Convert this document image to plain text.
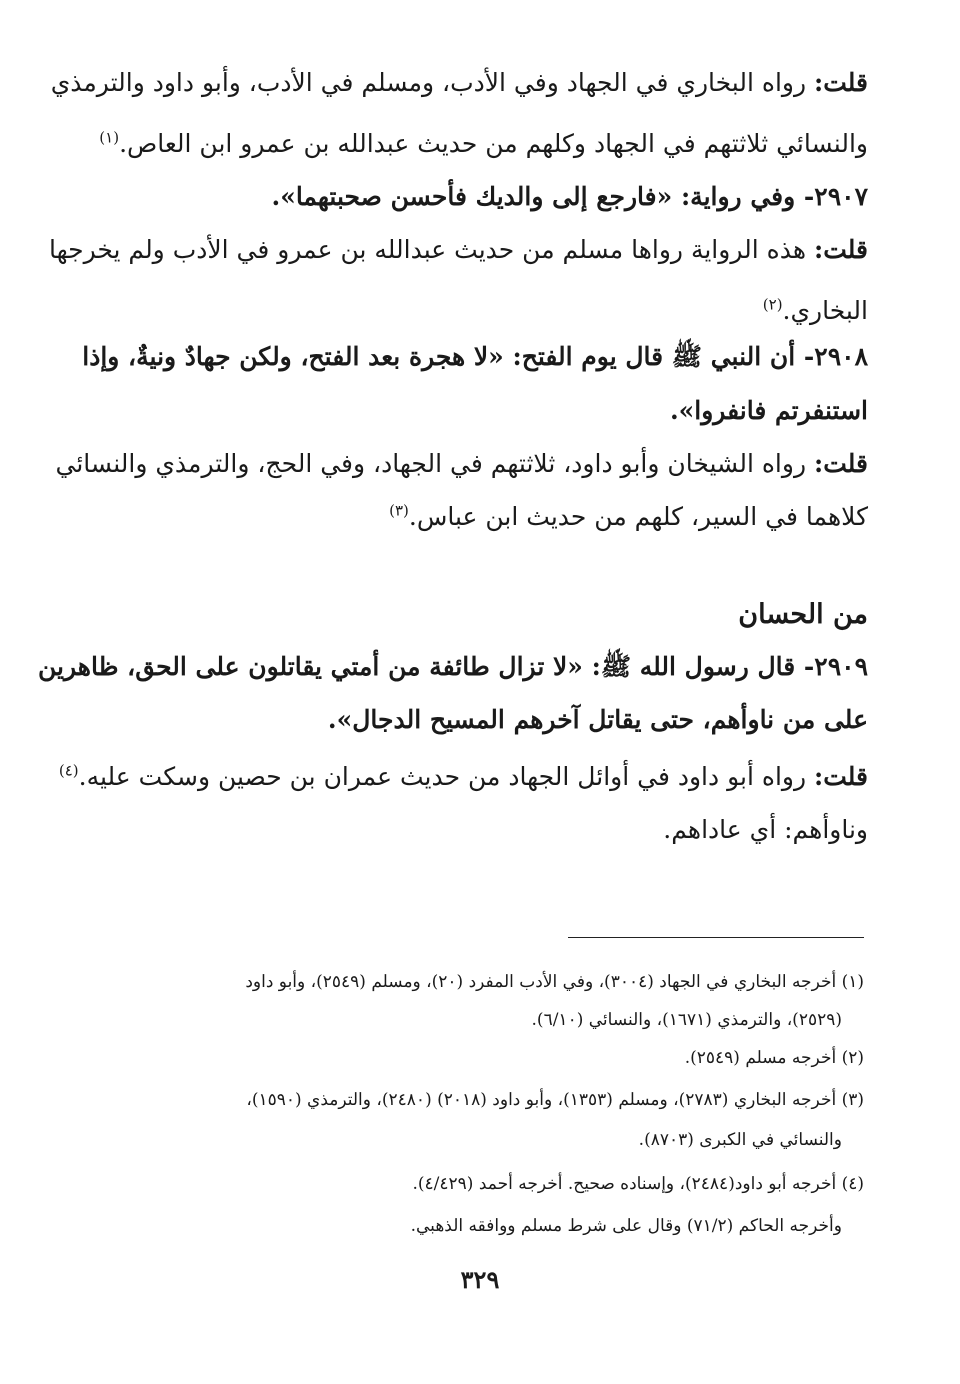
قلت: رواه البخاري في الجهاد وفي الأدب، ومسلم في الأدب، وأبو داود والترمذي
والنسائي ثلاثتهم في الجهاد وكلهم من حديث عبدالله بن عمرو ابن العاص.$^{(١)}$
٢٩٠٧- وفي رواية: «فارجع إلى والديك فأحسن صحبتهما».
قلت: هذه الرواية رواها مسلم من حديث عبدالله بن عمرو في الأدب ولم يخرجها
البخاري.$^{(٢)}$
٢٩٠٨- أن النبي ﷺ قال يوم الفتح: «لا هجرة بعد الفتح، ولكن جهادٌ ونيةٌ، وإذا
استنفرتم فانفروا».
قلت: رواه الشيخان وأبو داود، ثلاثتهم في الجهاد، وفي الحج، والترمذي والنسائي
كلاهما في السير، كلهم من حديث ابن عباس.$^{(٣)}$
من الحسان
٢٩٠٩- قال رسول الله ﷺ: «لا تزال طائفة من أمتي يقاتلون على الحق، ظاهرين
على من ناوأهم، حتى يقاتل آخرهم المسيح الدجال».
قلت: رواه أبو داود في أوائل الجهاد من حديث عمران بن حصين وسكت عليه.$^{(٤)}$
وناوأهم: أي عاداهم.
(١) أخرجه البخاري في الجهاد (٣٠٠٤)، وفي الأدب المفرد (٢٠)، ومسلم (٢٥٤٩)، وأبو داود
(٢٥٢٩)، والترمذي (١٦٧١)، والنسائي (٦/١٠).
(٢) أخرجه مسلم (٢٥٤٩).
(٣) أخرجه البخاري (٢٧٨٣)، ومسلم (١٣٥٣)، وأبو داود (٢٠١٨) (٢٤٨٠)، والترمذي (١٥٩٠)،
والنسائي في الكبرى (٨٧٠٣).
(٤) أخرجه أبو داود(٢٤٨٤)، وإسناده صحيح. أخرجه أحمد (٤/٤٢٩).
وأخرجه الحاكم (٧١/٢) وقال على شرط مسلم ووافقه الذهبي.
٣٢٩
